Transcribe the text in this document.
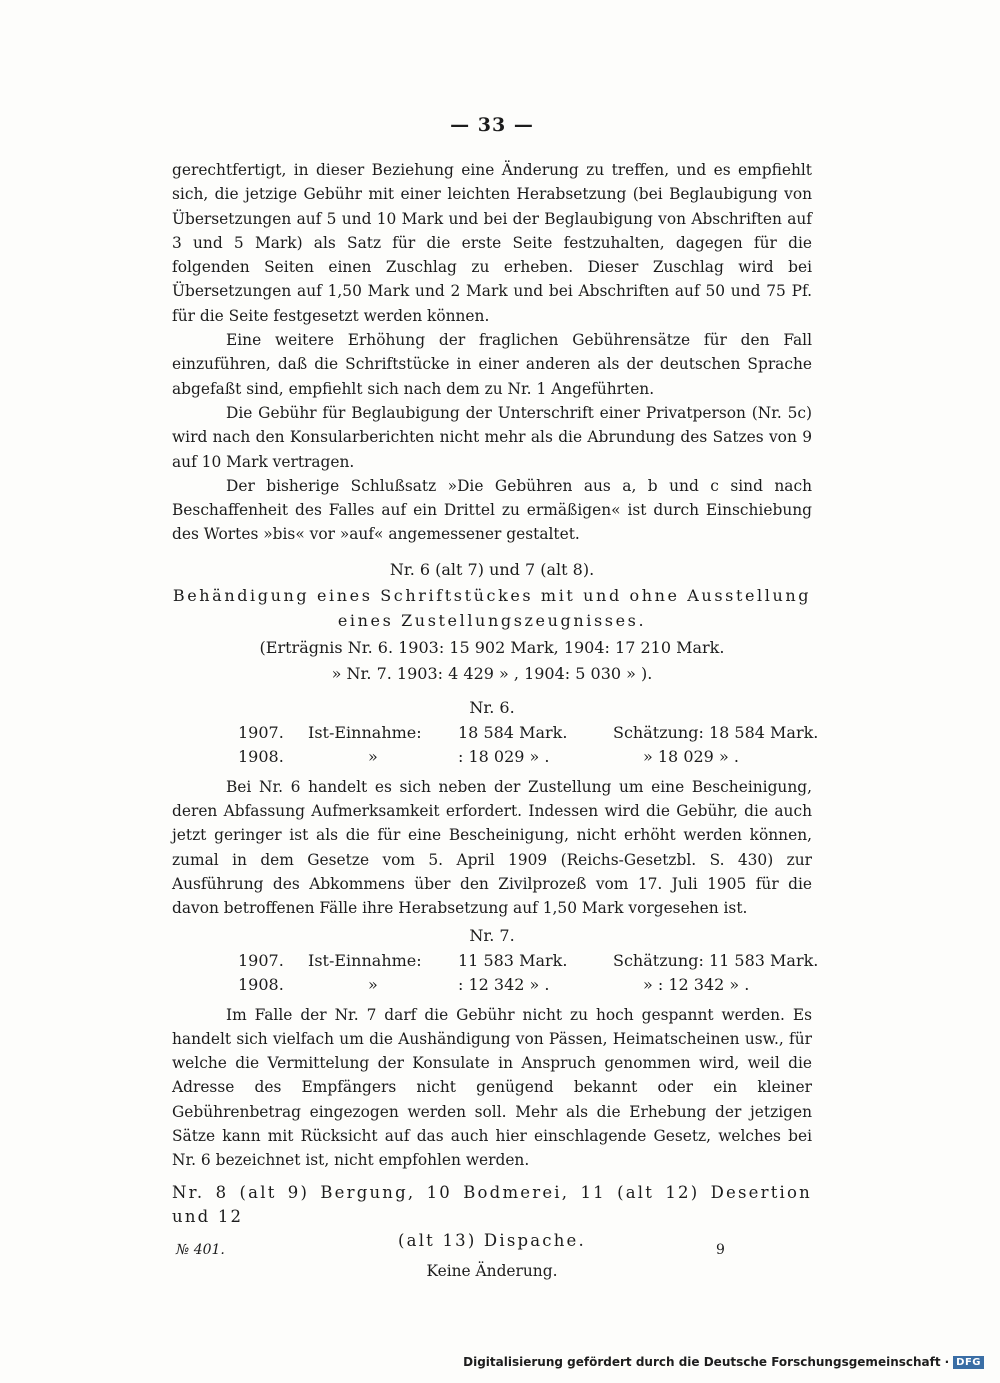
— 33 —

gerechtfertigt, in dieser Beziehung eine Änderung zu treffen, und es empfiehlt sich, die jetzige Gebühr mit einer leichten Herabsetzung (bei Beglaubigung von Übersetzungen auf 5 und 10 Mark und bei der Beglaubigung von Abschriften auf 3 und 5 Mark) als Satz für die erste Seite festzuhalten, dagegen für die folgenden Seiten einen Zuschlag zu erheben. Dieser Zuschlag wird bei Übersetzungen auf 1,50 Mark und 2 Mark und bei Abschriften auf 50 und 75 Pf. für die Seite festgesetzt werden können.

Eine weitere Erhöhung der fraglichen Gebührensätze für den Fall einzuführen, daß die Schriftstücke in einer anderen als der deutschen Sprache abgefaßt sind, empfiehlt sich nach dem zu Nr. 1 Angeführten.

Die Gebühr für Beglaubigung der Unterschrift einer Privatperson (Nr. 5c) wird nach den Konsularberichten nicht mehr als die Abrundung des Satzes von 9 auf 10 Mark vertragen.

Der bisherige Schlußsatz »Die Gebühren aus a, b und c sind nach Beschaffenheit des Falles auf ein Drittel zu ermäßigen« ist durch Einschiebung des Wortes »bis« vor »auf« angemessener gestaltet.

Nr. 6 (alt 7) und 7 (alt 8).
Behändigung eines Schriftstückes mit und ohne Ausstellung eines Zustellungszeugnisses.
(Erträgnis Nr. 6. 1903: 15 902 Mark, 1904: 17 210 Mark.
» Nr. 7. 1903: 4 429 » , 1904: 5 030 » ).
Nr. 6.
1907.	Ist-Einnahme:	18 584 Mark.	Schätzung: 18 584 Mark.
1908.	»	: 18 029 » .	» 18 029 » .

Bei Nr. 6 handelt es sich neben der Zustellung um eine Bescheinigung, deren Abfassung Aufmerksamkeit erfordert. Indessen wird die Gebühr, die auch jetzt geringer ist als die für eine Bescheinigung, nicht erhöht werden können, zumal in dem Gesetze vom 5. April 1909 (Reichs-Gesetzbl. S. 430) zur Ausführung des Abkommens über den Zivilprozeß vom 17. Juli 1905 für die davon betroffenen Fälle ihre Herabsetzung auf 1,50 Mark vorgesehen ist.

Nr. 7.
1907.	Ist-Einnahme:	11 583 Mark.	Schätzung: 11 583 Mark.
1908.	»	: 12 342 » .	» : 12 342 » .

Im Falle der Nr. 7 darf die Gebühr nicht zu hoch gespannt werden. Es handelt sich vielfach um die Aushändigung von Pässen, Heimatscheinen usw., für welche die Vermittelung der Konsulate in Anspruch genommen wird, weil die Adresse des Empfängers nicht genügend bekannt oder ein kleiner Gebührenbetrag eingezogen werden soll. Mehr als die Erhebung der jetzigen Sätze kann mit Rücksicht auf das auch hier einschlagende Gesetz, welches bei Nr. 6 bezeichnet ist, nicht empfohlen werden.

Nr. 8 (alt 9) Bergung, 10 Bodmerei, 11 (alt 12) Desertion und 12
(alt 13) Dispache.
Keine Änderung.
№ 401.	9
Digitalisierung gefördert durch die Deutsche Forschungsgemeinschaft · DFG
